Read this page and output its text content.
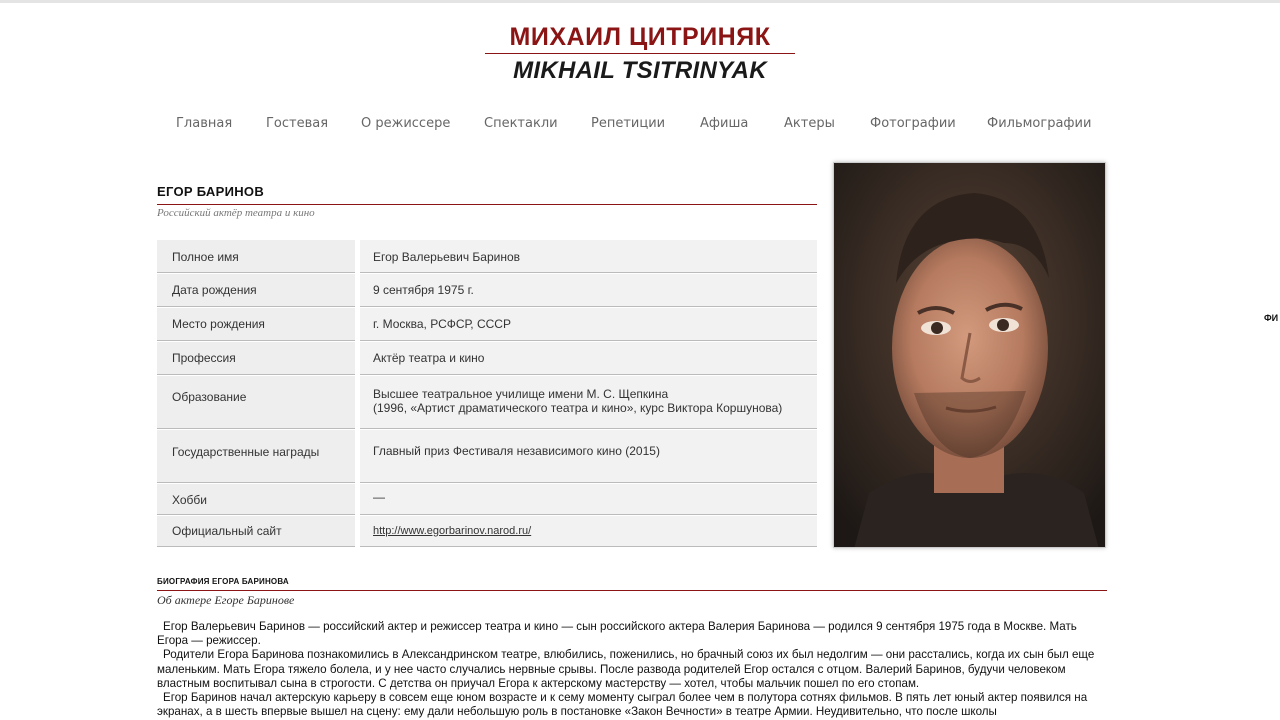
МИХАИЛ ЦИТРИНЯК
MIKHAIL TSITRINYAK
Главная	Гостевая	О режиссере	Спектакли	Репетиции	Афиша	Актеры	Фотографии Фильмографии
ЕГОР БАРИНОВ
Российский актёр театра и кино
Полное имя	Егор Валерьевич Баринов
Дата рождения	9 сентября 1975 г.
Место рождения	г. Москва, РСФСР, СССР
Профессия	Актёр театра и кино
Образование	Высшее театральное училище имени М. С. Щепкина
(1996, «Артист драматического театра и кино», курс Виктора Коршунова)
Государственные награды	Главный приз Фестиваля независимого кино (2015)
Хобби	—
Официальный сайт	http://www.egorbarinov.narod.ru/
БИОГРАФИЯ ЕГОРА БАРИНОВА
Об актере Егоре Баринове

Егор Валерьевич Баринов — российский актер и режиссер театра и кино — сын российского актера Валерия Баринова — родился 9 сентября 1975 года в Москве. Мать Егора — режиссер.

Родители Егора Баринова познакомились в Александринском театре, влюбились, поженились, но брачный союз их был недолгим — они расстались, когда их сын был еще маленьким. Мать Егора тяжело болела, и у нее часто случались нервные срывы. После развода родителей Егор остался с отцом. Валерий Баринов, будучи человеком властным воспитывал сына в строгости. С детства он приучал Егора к актерскому мастерству — хотел, чтобы мальчик пошел по его стопам.

Егор Баринов начал актерскую карьеру в совсем еще юном возрасте и к сему моменту сыграл более чем в полутора сотнях фильмов. В пять лет юный актер появился на экранах, а в шесть впервые вышел на сцену: ему дали небольшую роль в постановке «Закон Вечности» в театре Армии. Неудивительно, что после школы

ФИ
